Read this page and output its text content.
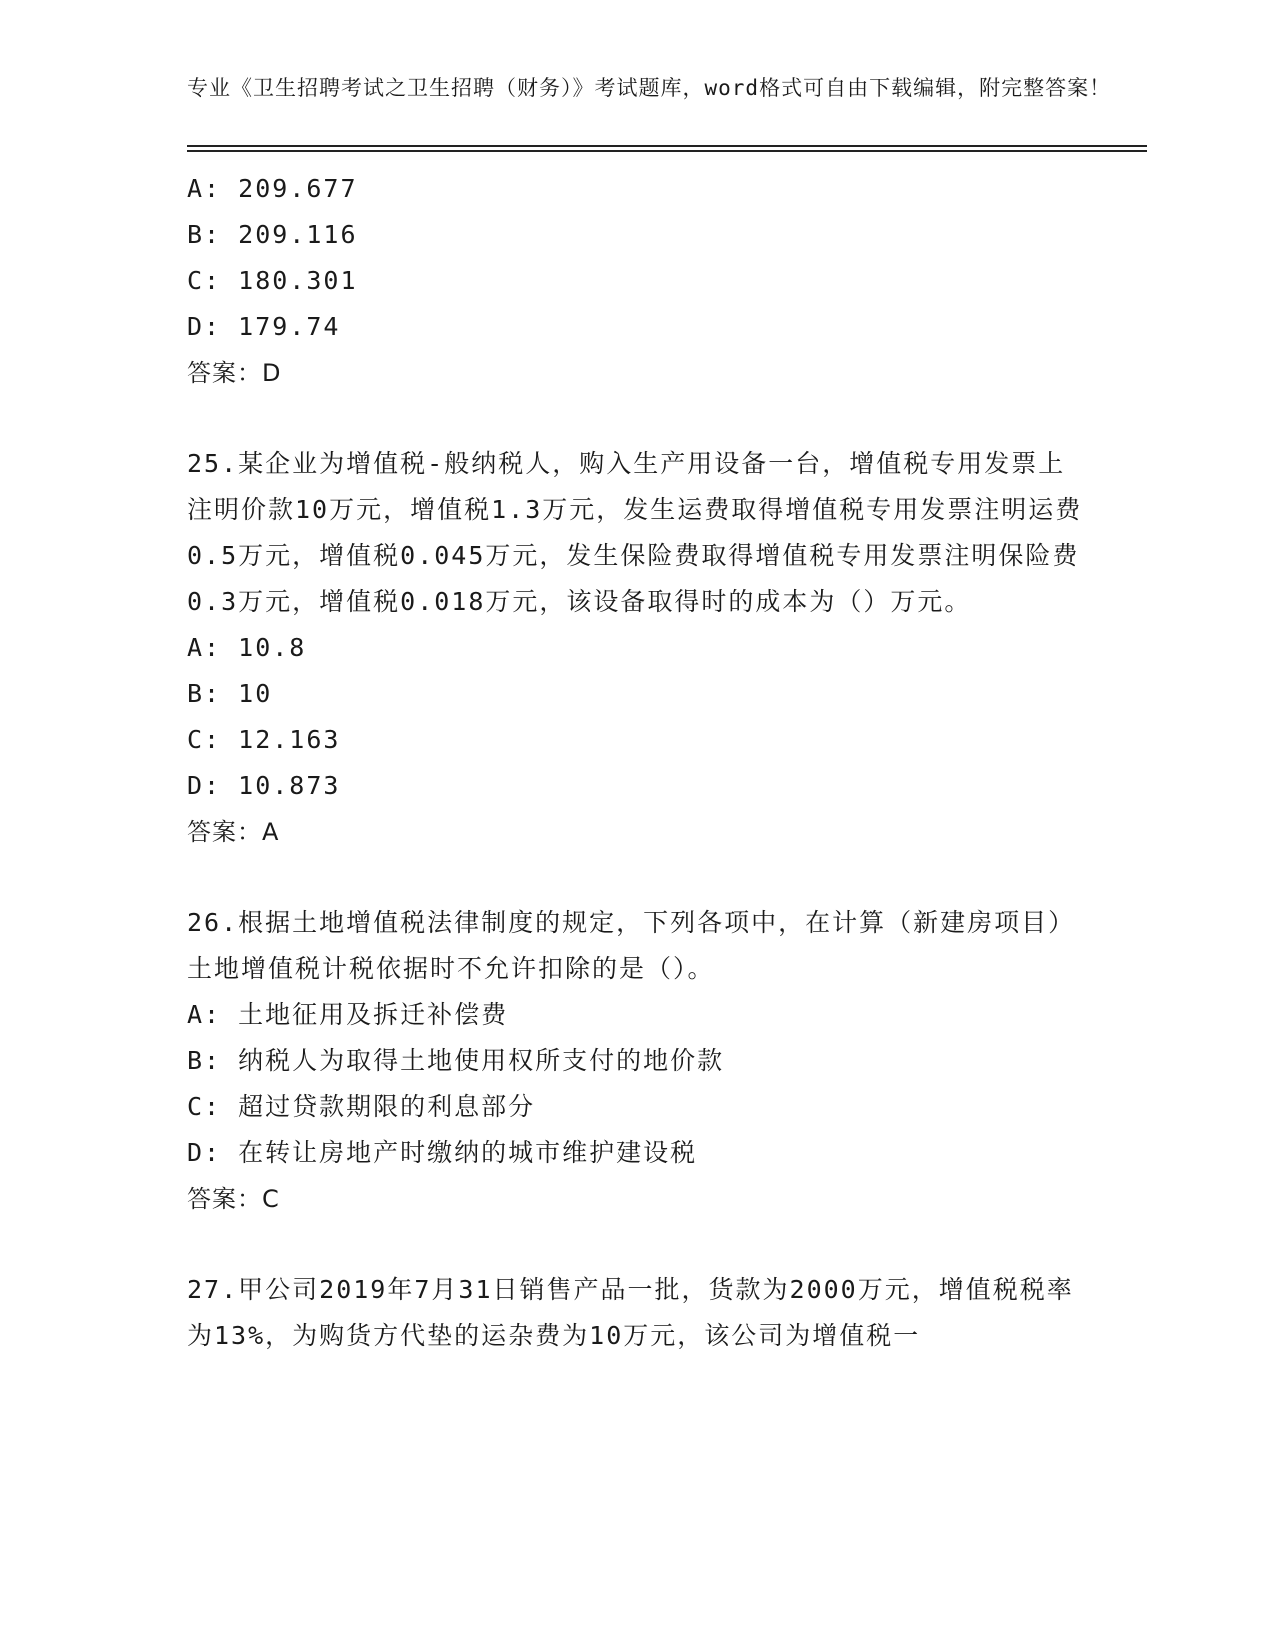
专业《卫生招聘考试之卫生招聘（财务）》考试题库，word格式可自由下载编辑，附完整答案！

A: 209.677

B: 209.116

C: 180.301

D: 179.74

答案：D

25.某企业为增值税-般纳税人，购入生产用设备一台，增值税专用发票上注明价款10万元，增值税1.3万元，发生运费取得增值税专用发票注明运费0.5万元，增值税0.045万元，发生保险费取得增值税专用发票注明保险费0.3万元，增值税0.018万元，该设备取得时的成本为（）万元。

A: 10.8

B: 10

C: 12.163

D: 10.873

答案：A

26.根据土地增值税法律制度的规定，下列各项中，在计算（新建房项目）土地增值税计税依据时不允许扣除的是（）。

A: 土地征用及拆迁补偿费

B: 纳税人为取得土地使用权所支付的地价款

C: 超过贷款期限的利息部分

D: 在转让房地产时缴纳的城市维护建设税

答案：C

27.甲公司2019年7月31日销售产品一批，货款为2000万元，增值税税率为13%，为购货方代垫的运杂费为10万元，该公司为增值税一
